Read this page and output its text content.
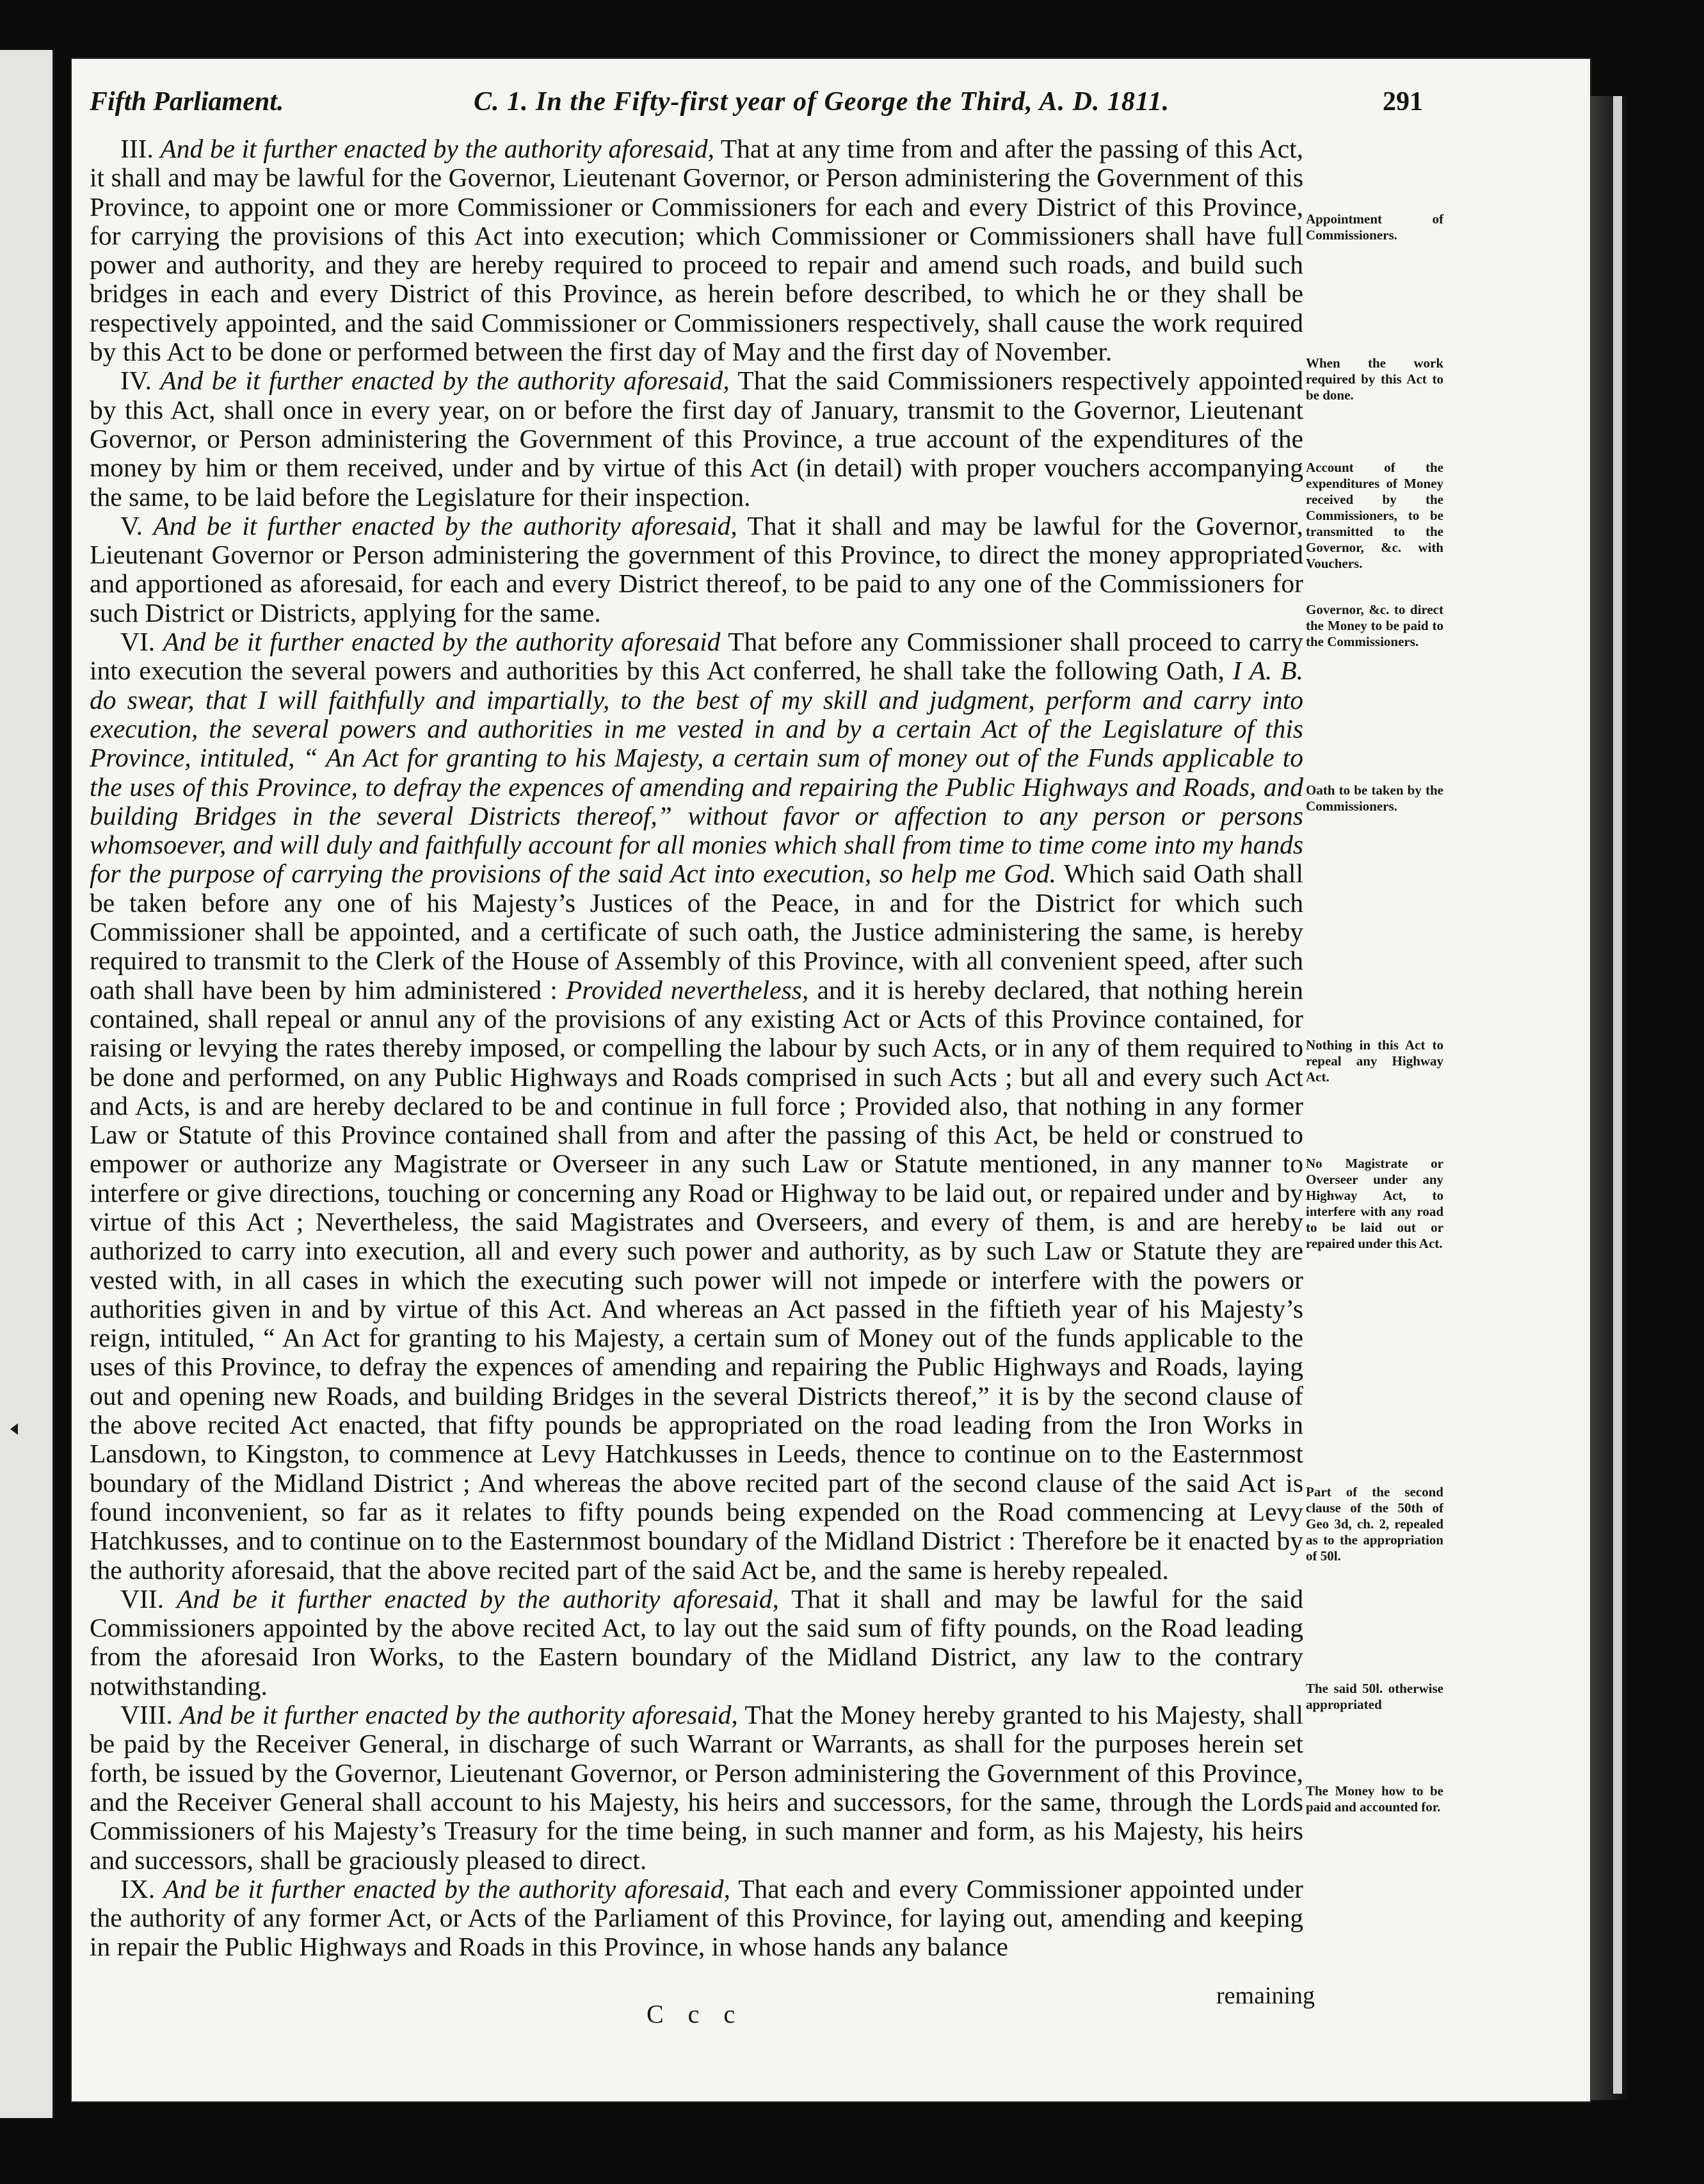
Fifth Parliament.	C. 1. In the Fifty-first year of George the Third, A. D. 1811.	291

III. And be it further enacted by the authority aforesaid, That at any time from and after the passing of this Act, it shall and may be lawful for the Governor, Lieutenant Governor, or Person administering the Government of this Province, to appoint one or more Commissioner or Commissioners for each and every District of this Province, for carrying the provisions of this Act into execution; which Commissioner or Commissioners shall have full power and authority, and they are hereby required to proceed to repair and amend such roads, and build such bridges in each and every District of this Province, as herein before described, to which he or they shall be respectively appointed, and the said Commissioner or Commissioners respectively, shall cause the work required by this Act to be done or performed between the first day of May and the first day of November.

IV. And be it further enacted by the authority aforesaid, That the said Commissioners respectively appointed by this Act, shall once in every year, on or before the first day of January, transmit to the Governor, Lieutenant Governor, or Person administering the Government of this Province, a true account of the expenditures of the money by him or them received, under and by virtue of this Act (in detail) with proper vouchers accompanying the same, to be laid before the Legislature for their inspection.

V. And be it further enacted by the authority aforesaid, That it shall and may be lawful for the Governor, Lieutenant Governor or Person administering the government of this Province, to direct the money appropriated and apportioned as aforesaid, for each and every District thereof, to be paid to any one of the Commissioners for such District or Districts, applying for the same.

VI. And be it further enacted by the authority aforesaid That before any Commissioner shall proceed to carry into execution the several powers and authorities by this Act conferred, he shall take the following Oath, I A. B. do swear, that I will faithfully and impartially, to the best of my skill and judgment, perform and carry into execution, the several powers and authorities in me vested in and by a certain Act of the Legislature of this Province, intituled, “ An Act for granting to his Majesty, a certain sum of money out of the Funds applicable to the uses of this Province, to defray the expences of amending and repairing the Public Highways and Roads, and building Bridges in the several Districts thereof,” without favor or affection to any person or persons whomsoever, and will duly and faithfully account for all monies which shall from time to time come into my hands for the purpose of carrying the provisions of the said Act into execution, so help me God. Which said Oath shall be taken before any one of his Majesty’s Justices of the Peace, in and for the District for which such Commissioner shall be appointed, and a certificate of such oath, the Justice administering the same, is hereby required to transmit to the Clerk of the House of Assembly of this Province, with all convenient speed, after such oath shall have been by him administered : Provided nevertheless, and it is hereby declared, that nothing herein contained, shall repeal or annul any of the provisions of any existing Act or Acts of this Province contained, for raising or levying the rates thereby imposed, or compelling the labour by such Acts, or in any of them required to be done and performed, on any Public Highways and Roads comprised in such Acts ; but all and every such Act and Acts, is and are hereby declared to be and continue in full force ; Provided also, that nothing in any former Law or Statute of this Province contained shall from and after the passing of this Act, be held or construed to empower or authorize any Magistrate or Overseer in any such Law or Statute mentioned, in any manner to interfere or give directions, touching or concerning any Road or Highway to be laid out, or repaired under and by virtue of this Act ; Nevertheless, the said Magistrates and Overseers, and every of them, is and are hereby authorized to carry into execution, all and every such power and authority, as by such Law or Statute they are vested with, in all cases in which the executing such power will not impede or interfere with the powers or authorities given in and by virtue of this Act. And whereas an Act passed in the fiftieth year of his Majesty’s reign, intituled, “ An Act for granting to his Majesty, a certain sum of Money out of the funds applicable to the uses of this Province, to defray the expences of amending and repairing the Public Highways and Roads, laying out and opening new Roads, and building Bridges in the several Districts thereof,” it is by the second clause of the above recited Act enacted, that fifty pounds be appropriated on the road leading from the Iron Works in Lansdown, to Kingston, to commence at Levy Hatchkusses in Leeds, thence to continue on to the Easternmost boundary of the Midland District ; And whereas the above recited part of the second clause of the said Act is found inconvenient, so far as it relates to fifty pounds being expended on the Road commencing at Levy Hatchkusses, and to continue on to the Easternmost boundary of the Midland District : Therefore be it enacted by the authority aforesaid, that the above recited part of the said Act be, and the same is hereby repealed.

VII. And be it further enacted by the authority aforesaid, That it shall and may be lawful for the said Commissioners appointed by the above recited Act, to lay out the said sum of fifty pounds, on the Road leading from the aforesaid Iron Works, to the Eastern boundary of the Midland District, any law to the contrary notwithstanding.

VIII. And be it further enacted by the authority aforesaid, That the Money hereby granted to his Majesty, shall be paid by the Receiver General, in discharge of such Warrant or Warrants, as shall for the purposes herein set forth, be issued by the Governor, Lieutenant Governor, or Person administering the Government of this Province, and the Receiver General shall account to his Majesty, his heirs and successors, for the same, through the Lords Commissioners of his Majesty’s Treasury for the time being, in such manner and form, as his Majesty, his heirs and successors, shall be graciously pleased to direct.

IX. And be it further enacted by the authority aforesaid, That each and every Commissioner appointed under the authority of any former Act, or Acts of the Parliament of this Province, for laying out, amending and keeping in repair the Public Highways and Roads in this Province, in whose hands any balance

C c c
remaining
Appointment of Commissioners.
When the work required by this Act to be done.
Account of the expenditures of Money received by the Commissioners, to be transmitted to the Governor, &c. with Vouchers.
Governor, &c. to direct the Money to be paid to the Commissioners.
Oath to be taken by the Commissioners.
Nothing in this Act to repeal any Highway Act.
No Magistrate or Overseer under any Highway Act, to interfere with any road to be laid out or repaired under this Act.
Part of the second clause of the 50th of Geo 3d, ch. 2, repealed as to the appropriation of 50l.
The said 50l. otherwise appropriated
The Money how to be paid and accounted for.
